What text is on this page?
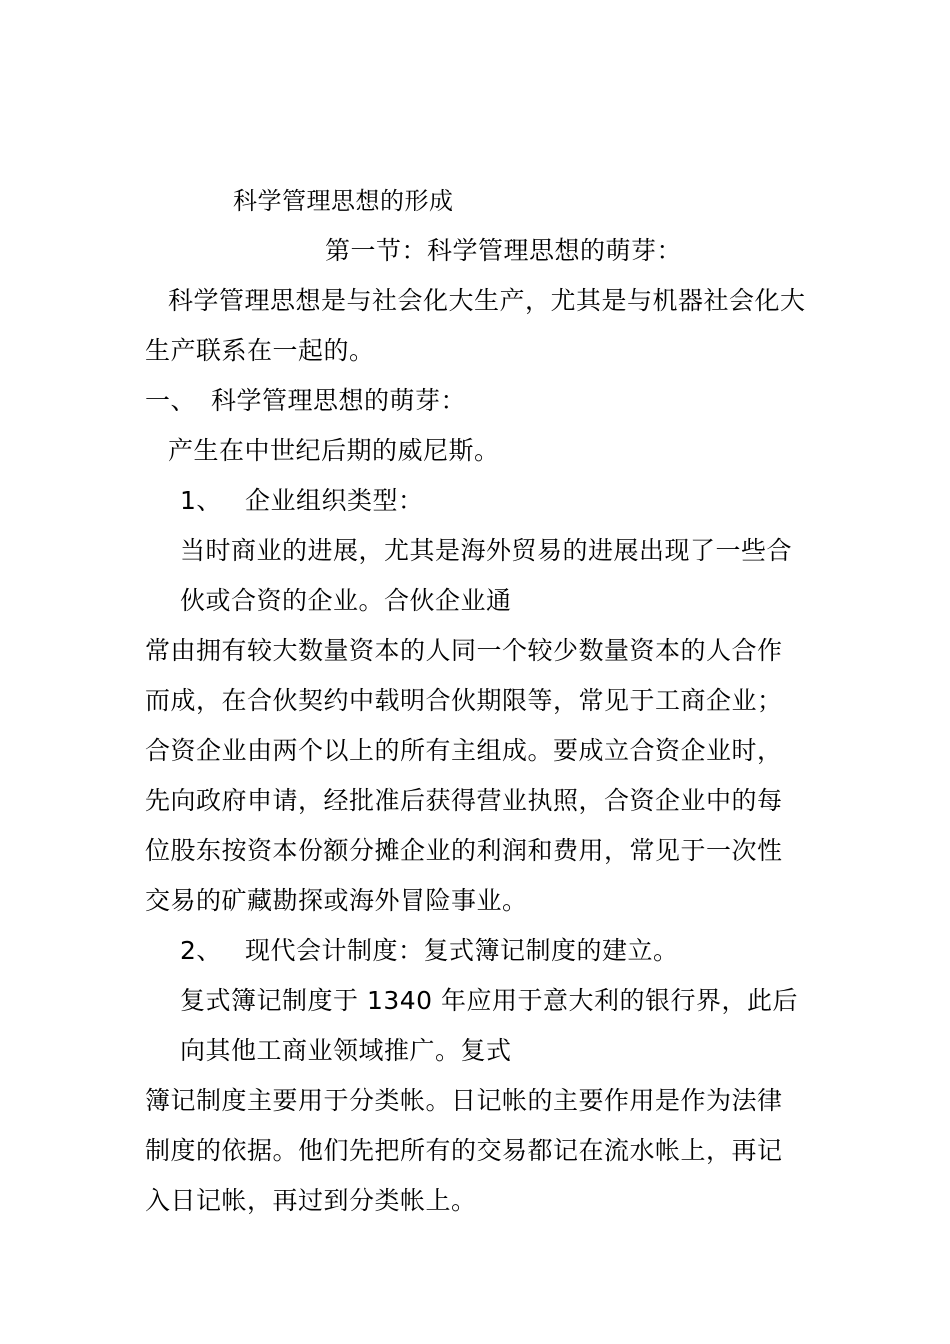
科学管理思想的形成
第一节：科学管理思想的萌芽：
科学管理思想是与社会化大生产，尤其是与机器社会化大
生产联系在一起的。
一、 科学管理思想的萌芽：
产生在中世纪后期的威尼斯。
1、 企业组织类型：
当时商业的进展，尤其是海外贸易的进展出现了一些合
伙或合资的企业。合伙企业通
常由拥有较大数量资本的人同一个较少数量资本的人合作
而成，在合伙契约中载明合伙期限等，常见于工商企业；
合资企业由两个以上的所有主组成。要成立合资企业时，
先向政府申请，经批准后获得营业执照，合资企业中的每
位股东按资本份额分摊企业的利润和费用，常见于一次性
交易的矿藏勘探或海外冒险事业。
2、 现代会计制度：复式簿记制度的建立。
复式簿记制度于 1340 年应用于意大利的银行界，此后
向其他工商业领域推广。复式
簿记制度主要用于分类帐。日记帐的主要作用是作为法律
制度的依据。他们先把所有的交易都记在流水帐上，再记
入日记帐，再过到分类帐上。
